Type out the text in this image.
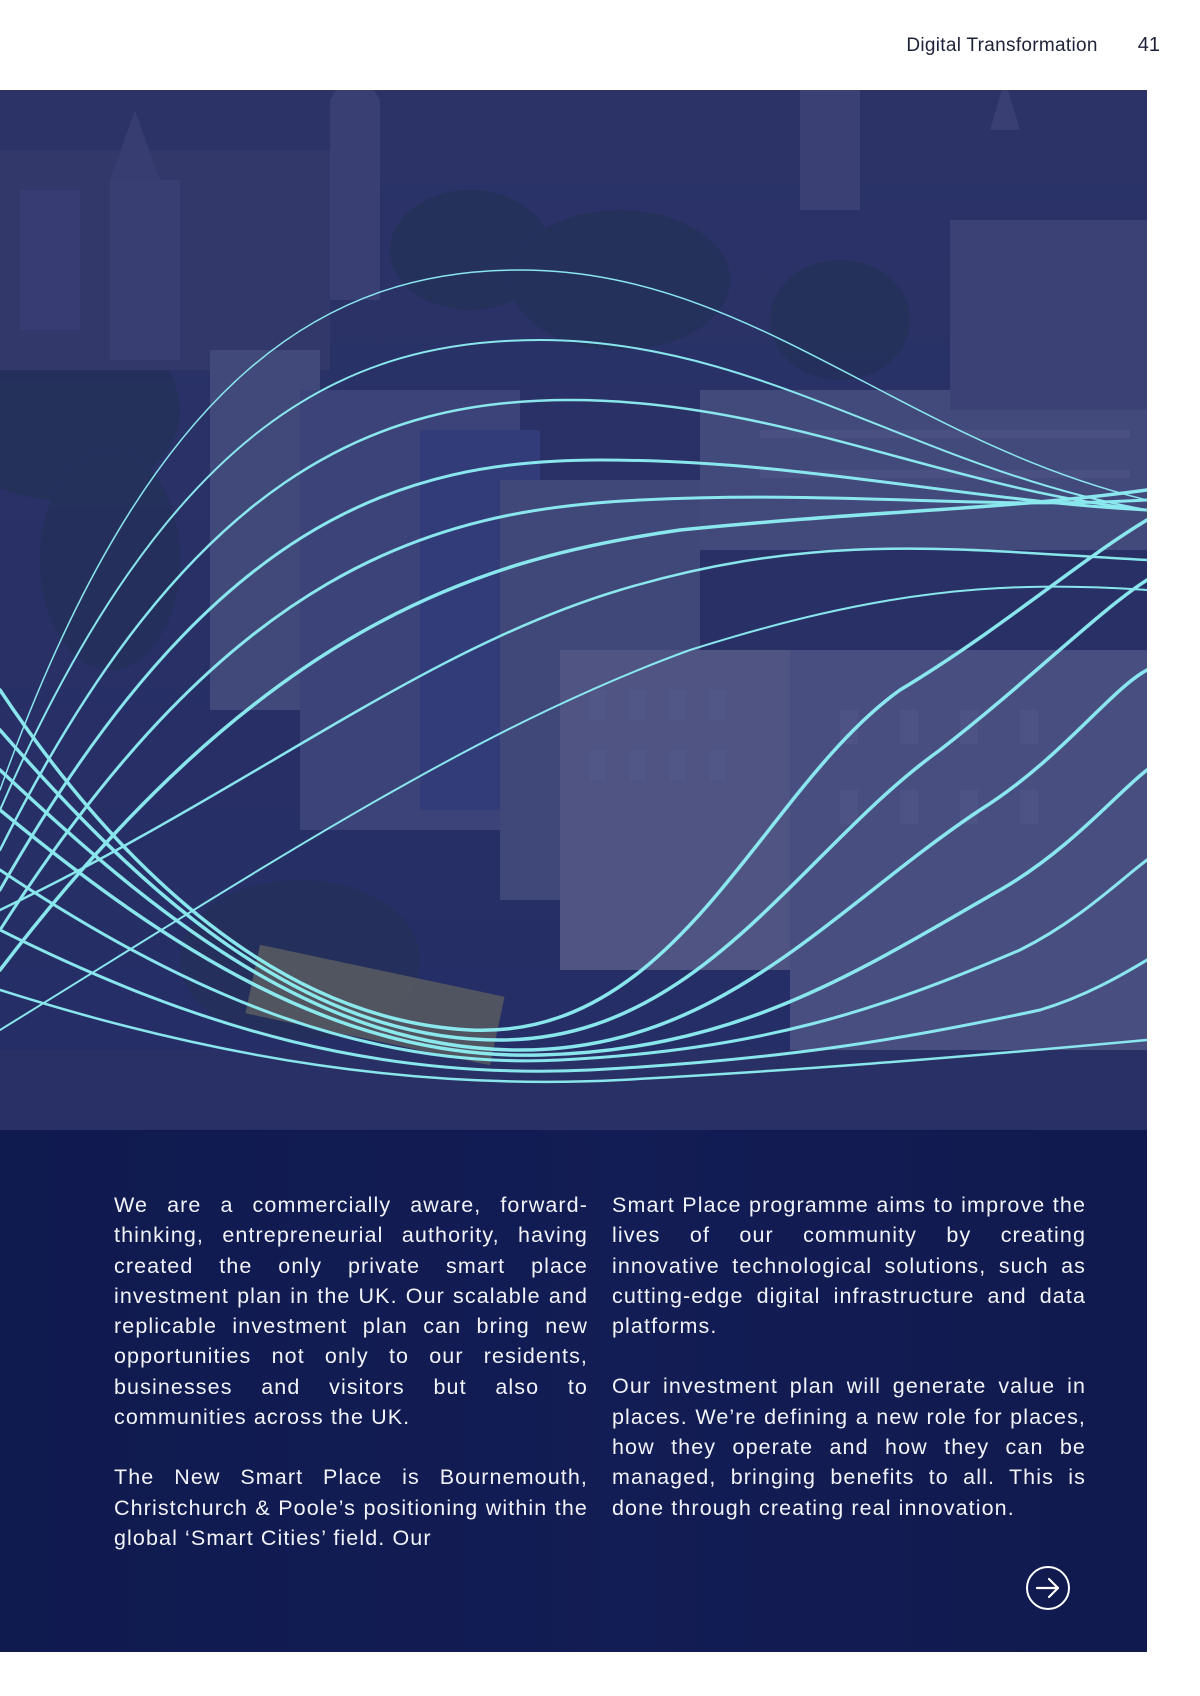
Digital Transformation 41

We are a commercially aware, forward-thinking, entrepreneurial authority, having created the only private smart place investment plan in the UK. Our scalable and replicable investment plan can bring new opportunities not only to our residents, businesses and visitors but also to communities across the UK.

The New Smart Place is Bournemouth, Christchurch & Poole’s positioning within the global ‘Smart Cities’ field. Our

Smart Place programme aims to improve the lives of our community by creating innovative technological solutions, such as cutting-edge digital infrastructure and data platforms.

Our investment plan will generate value in places. We’re defining a new role for places, how they operate and how they can be managed, bringing benefits to all. This is done through creating real innovation.
